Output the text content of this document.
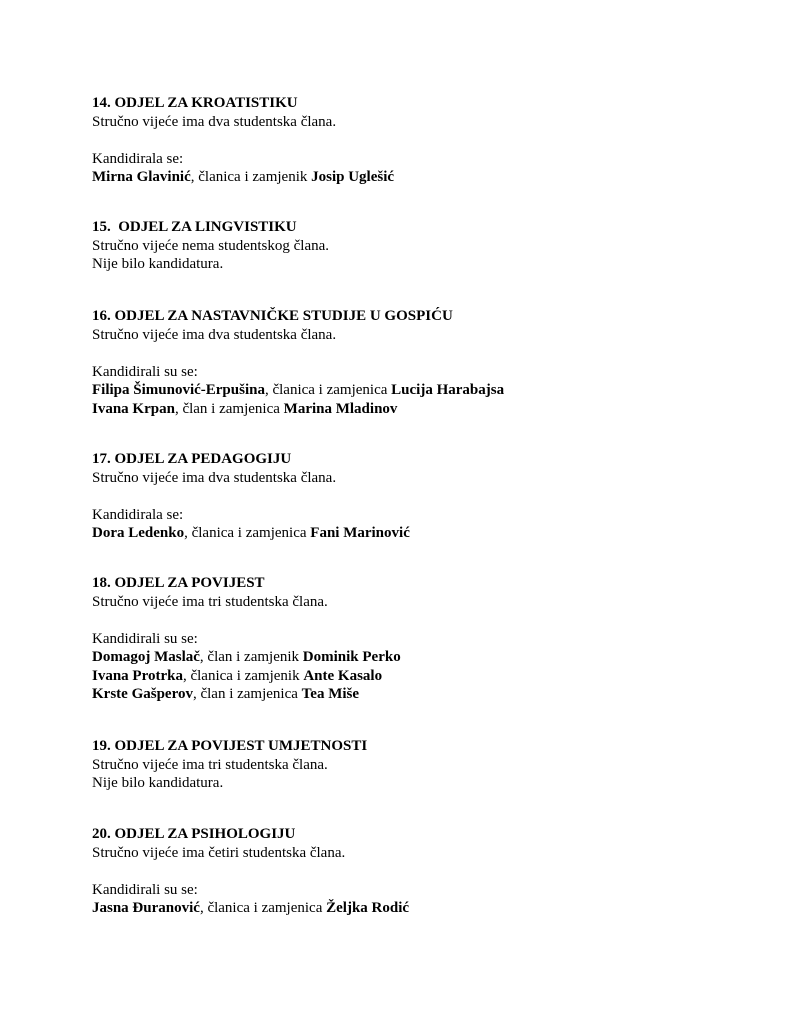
14. ODJEL ZA KROATISTIKU
Stručno vijeće ima dva studentska člana.
Kandidirala se:
Mirna Glavinić, članica i zamjenik Josip Uglešić
15.  ODJEL ZA LINGVISTIKU
Stručno vijeće nema studentskog člana.
Nije bilo kandidatura.
16. ODJEL ZA NASTAVNIČKE STUDIJE U GOSPIĆU
Stručno vijeće ima dva studentska člana.
Kandidirali su se:
Filipa Šimunović-Erpušina, članica i zamjenica Lucija Harabajsa
Ivana Krpan, član i zamjenica Marina Mladinov
17. ODJEL ZA PEDAGOGIJU
Stručno vijeće ima dva studentska člana.
Kandidirala se:
Dora Ledenko, članica i zamjenica Fani Marinović
18. ODJEL ZA POVIJEST
Stručno vijeće ima tri studentska člana.
Kandidirali su se:
Domagoj Maslač, član i zamjenik Dominik Perko
Ivana Protrka, članica i zamjenik Ante Kasalo
Krste Gašperov, član i zamjenica Tea Miše
19. ODJEL ZA POVIJEST UMJETNOSTI
Stručno vijeće ima tri studentska člana.
Nije bilo kandidatura.
20. ODJEL ZA PSIHOLOGIJU
Stručno vijeće ima četiri studentska člana.
Kandidirali su se:
Jasna Đuranović, članica i zamjenica Željka Rodić
